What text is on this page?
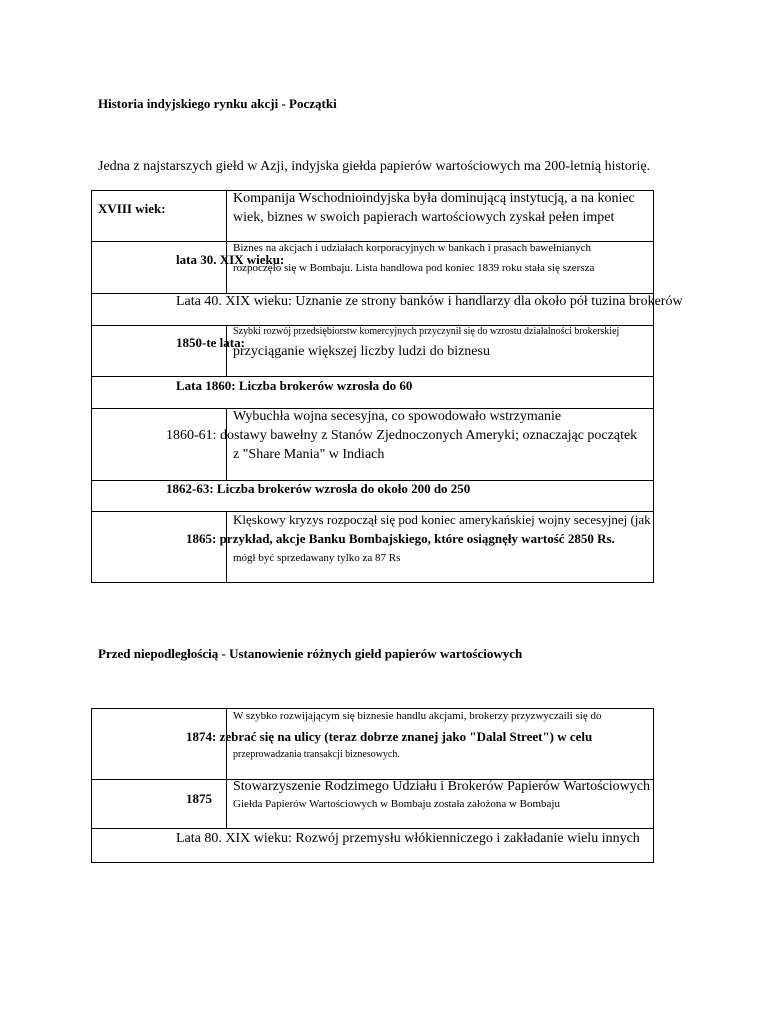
Historia indyjskiego rynku akcji - Początki
Jedna z najstarszych giełd w Azji, indyjska giełda papierów wartościowych ma 200-letnią historię.
XVIII wiek:
Kompanija Wschodnioindyjska była dominującą instytucją, a na koniec
wiek, biznes w swoich papierach wartościowych zyskał pełen impet
Biznes na akcjach i udziałach korporacyjnych w bankach i prasach bawełnianych
rozpoczęło się w Bombaju. Lista handlowa pod koniec 1839 roku stała się szersza
lata 30. XIX wieku:
Lata 40. XIX wieku: Uznanie ze strony banków i handlarzy dla około pół tuzina brokerów
Szybki rozwój przedsiębiorstw komercyjnych przyczynił się do wzrostu działalności brokerskiej
przyciąganie większej liczby ludzi do biznesu
1850-te lata:
Lata 1860: Liczba brokerów wzrosła do 60
Wybuchła wojna secesyjna, co spowodowało wstrzymanie
1860-61: dostawy bawełny z Stanów Zjednoczonych Ameryki; oznaczając początek
z "Share Mania" w Indiach
1862-63: Liczba brokerów wzrosła do około 200 do 250
Klęskowy kryzys rozpoczął się pod koniec amerykańskiej wojny secesyjnej (jak
1865: przykład, akcje Banku Bombajskiego, które osiągnęły wartość 2850 Rs.
mógł być sprzedawany tylko za 87 Rs
Przed niepodległością - Ustanowienie różnych giełd papierów wartościowych
W szybko rozwijającym się biznesie handlu akcjami, brokerzy przyzwyczaili się do
1874: zebrać się na ulicy (teraz dobrze znanej jako "Dalal Street") w celu
przeprowadzania transakcji biznesowych.
1875
Stowarzyszenie Rodzimego Udziału i Brokerów Papierów Wartościowych
Giełda Papierów Wartościowych w Bombaju została założona w Bombaju
Lata 80. XIX wieku: Rozwój przemysłu włókienniczego i zakładanie wielu innych
